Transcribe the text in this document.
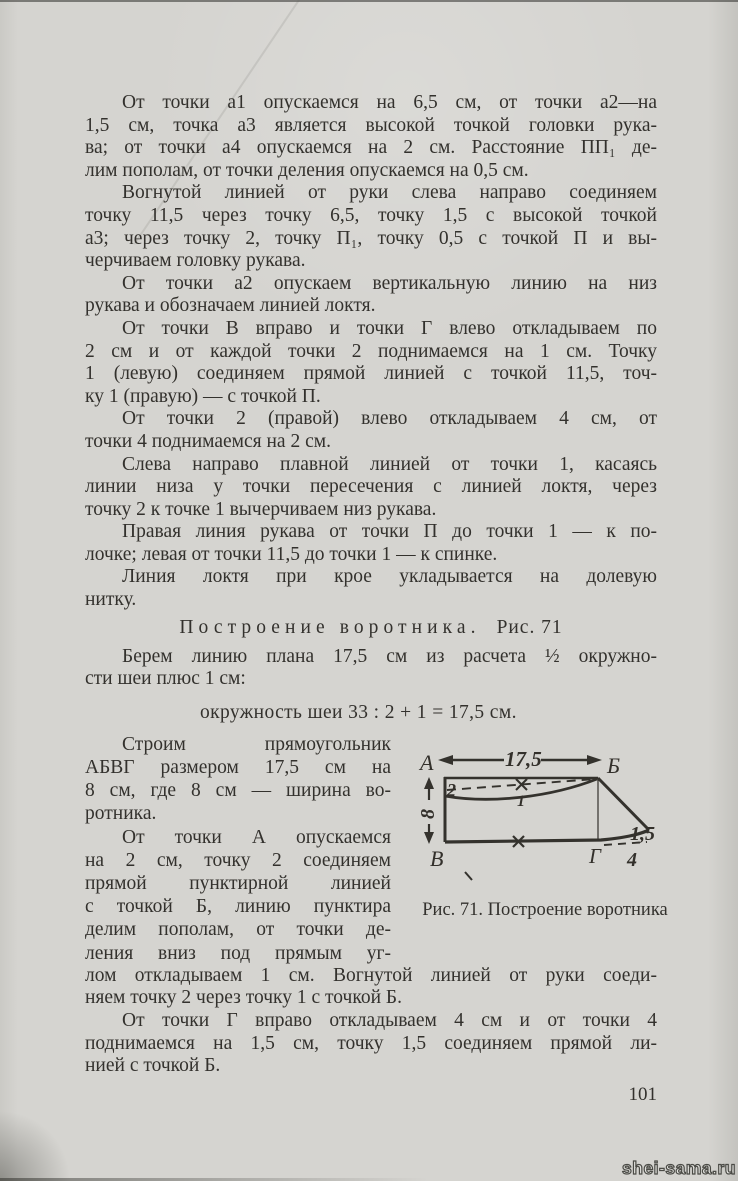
От точки а1 опускаемся на 6,5 см, от точки а2—на
1,5 см, точка а3 является высокой точкой головки рука-
ва; от точки а4 опускаемся на 2 см. Расстояние ПП₁ де-
лим пополам, от точки деления опускаемся на 0,5 см.
Вогнутой линией от руки слева направо соединяем
точку 11,5 через точку 6,5, точку 1,5 с высокой точкой
а3; через точку 2, точку П₁, точку 0,5 с точкой П и вы-
черчиваем головку рукава.
От точки а2 опускаем вертикальную линию на низ
рукава и обозначаем линией локтя.
От точки В вправо и точки Г влево откладываем по
2 см и от каждой точки 2 поднимаемся на 1 см. Точку
1 (левую) соединяем прямой линией с точкой 11,5, точ-
ку 1 (правую) — с точкой П.
От точки 2 (правой) влево откладываем 4 см, от
точки 4 поднимаемся на 2 см.
Слева направо плавной линией от точки 1, касаясь
линии низа у точки пересечения с линией локтя, через
точку 2 к точке 1 вычерчиваем низ рукава.
Правая линия рукава от точки П до точки 1 — к по-
лочке; левая от точки 11,5 до точки 1 — к спинке.
Линия локтя при крое укладывается на долевую
нитку.
Построение воротника. Рис. 71
Берем линию плана 17,5 см из расчета ½ окружно-
сти шеи плюс 1 см:
окружность шеи 33 : 2 + 1 = 17,5 см.
Строим прямоугольник
АБВГ размером 17,5 см на
8 см, где 8 см — ширина во-
ротника.
От точки А опускаемся
на 2 см, точку 2 соединяем
прямой пунктирной линией
с точкой Б, линию пунктира
делим пополам, от точки де-
ления вниз под прямым уг-
17,5
А	Б
8
2
1
В	Г 4
1,5
Рис. 71. Построение воротника
лом откладываем 1 см. Вогнутой линией от руки соеди-
няем точку 2 через точку 1 с точкой Б.
От точки Г вправо откладываем 4 см и от точки 4
поднимаемся на 1,5 см, точку 1,5 соединяем прямой ли-
нией с точкой Б.
101
shei-sama.ru
